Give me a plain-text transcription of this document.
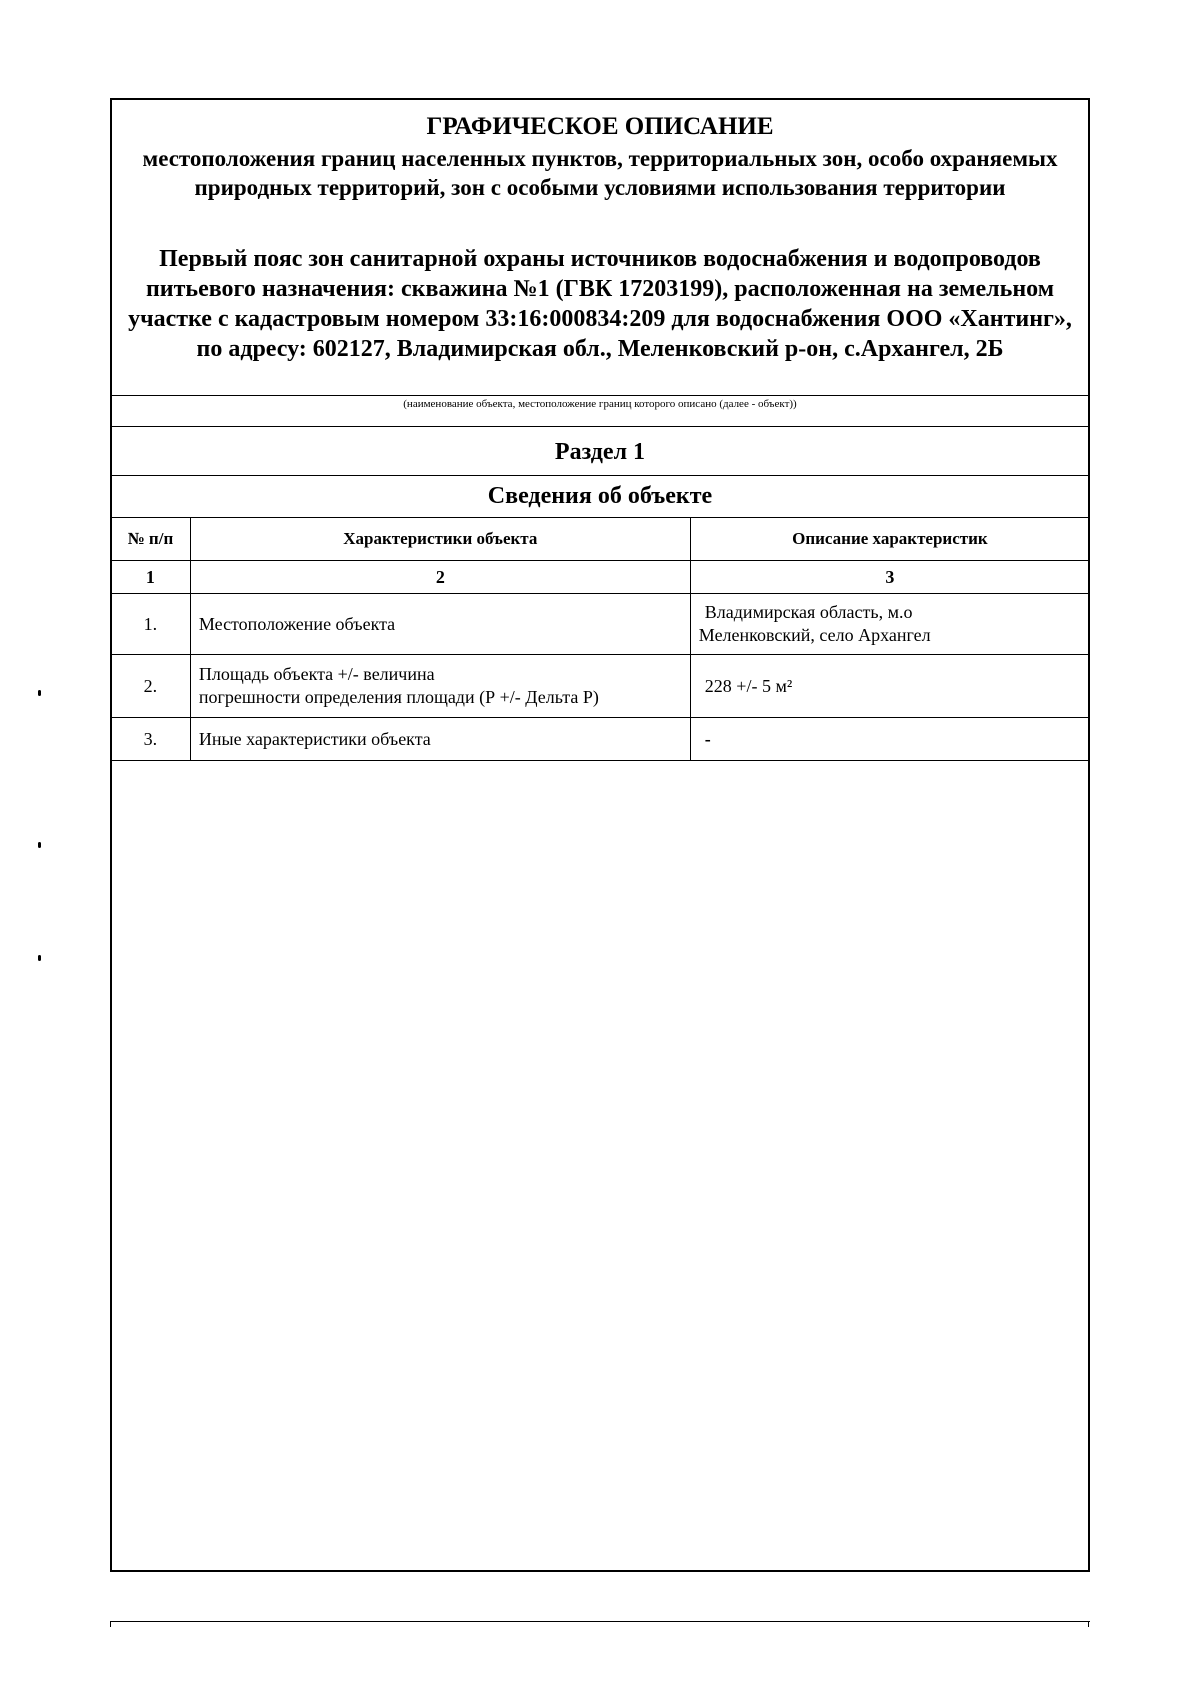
ГРАФИЧЕСКОЕ ОПИСАНИЕ
местоположения границ населенных пунктов, территориальных зон, особо охраняемых природных территорий, зон с особыми условиями использования территории
Первый пояс зон санитарной охраны источников водоснабжения и водопроводов питьевого назначения: скважина №1 (ГВК 17203199), расположенная на земельном участке с кадастровым номером 33:16:000834:209 для водоснабжения ООО «Хантинг», по адресу: 602127, Владимирская обл., Меленковский р-он, с.Архангел, 2Б
(наименование объекта, местоположение границ которого описано (далее - объект))
Раздел 1
Сведения об объекте
№ п/п	Характеристики объекта	Описание характеристик
1	2	3
1.	Местоположение объекта	Владимирская область, м.о
Меленковский, село Архангел

2.	Площадь объекта +/- величина
погрешности определения площади (Р +/- Дельта Р)	228 +/- 5 м²
3.	Иные характеристики объекта	-
